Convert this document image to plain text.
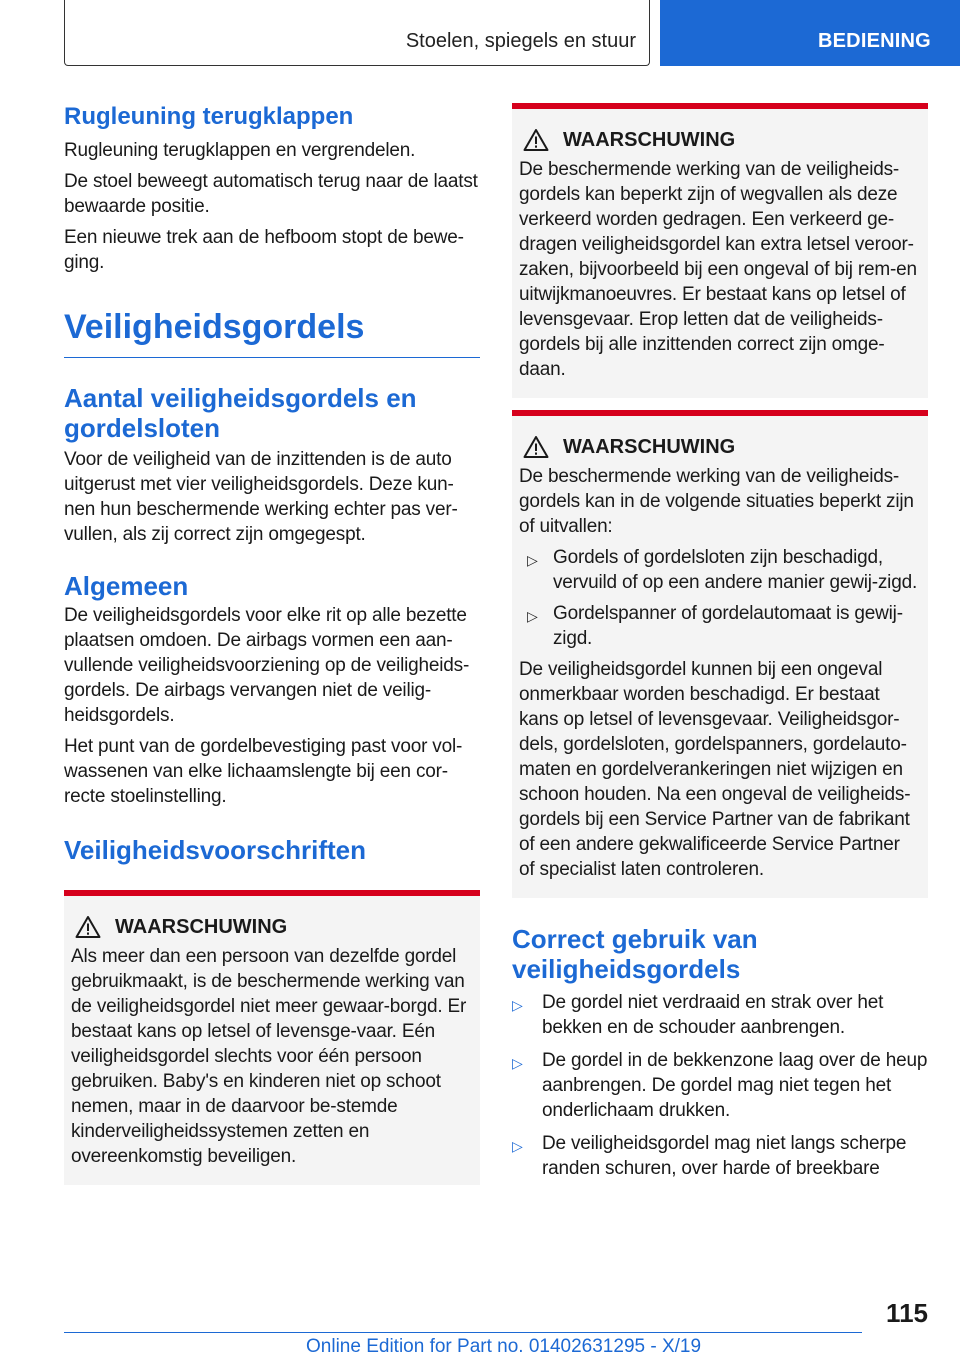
Stoelen, spiegels en stuur	BEDIENING
Rugleuning terugklappen

Rugleuning terugklappen en vergrendelen.

De stoel beweegt automatisch terug naar de laatst bewaarde positie.

Een nieuwe trek aan de hefboom stopt de bewe-ging.

Veiligheidsgordels
Aantal veiligheidsgordels en gordelsloten

Voor de veiligheid van de inzittenden is de auto uitgerust met vier veiligheidsgordels. Deze kun-nen hun beschermende werking echter pas ver-vullen, als zij correct zijn omgegespt.

Algemeen

De veiligheidsgordels voor elke rit op alle bezette plaatsen omdoen. De airbags vormen een aan-vullende veiligheidsvoorziening op de veiligheids-gordels. De airbags vervangen niet de veilig-heidsgordels.

Het punt van de gordelbevestiging past voor vol-wassenen van elke lichaamslengte bij een cor-recte stoelinstelling.

Veiligheidsvoorschriften
WAARSCHUWING

Als meer dan een persoon van dezelfde gordel gebruikmaakt, is de beschermende werking van de veiligheidsgordel niet meer gewaar-borgd. Er bestaat kans op letsel of levensge-vaar. Eén veiligheidsgordel slechts voor één persoon gebruiken. Baby's en kinderen niet op schoot nemen, maar in de daarvoor be-stemde kinderveiligheidssystemen zetten en overeenkomstig beveiligen.

WAARSCHUWING

De beschermende werking van de veiligheids-gordels kan beperkt zijn of wegvallen als deze verkeerd worden gedragen. Een verkeerd ge-dragen veiligheidsgordel kan extra letsel veroor-zaken, bijvoorbeeld bij een ongeval of bij rem-en uitwijkmanoeuvres. Er bestaat kans op letsel of levensgevaar. Erop letten dat de veiligheids-gordels bij alle inzittenden correct zijn omge-daan.

WAARSCHUWING

De beschermende werking van de veiligheids-gordels kan in de volgende situaties beperkt zijn of uitvallen:

▷ Gordels of gordelsloten zijn beschadigd, vervuild of op een andere manier gewij-zigd.
▷ Gordelspanner of gordelautomaat is gewij-zigd.

De veiligheidsgordel kunnen bij een ongeval onmerkbaar worden beschadigd. Er bestaat kans op letsel of levensgevaar. Veiligheidsgor-dels, gordelsloten, gordelspanners, gordelauto-maten en gordelverankeringen niet wijzigen en schoon houden. Na een ongeval de veiligheids-gordels bij een Service Partner van de fabrikant of een andere gekwalificeerde Service Partner of specialist laten controleren.

Correct gebruik van veiligheidsgordels
▷	De gordel niet verdraaid en strak over het bekken en de schouder aanbrengen.
▷	De gordel in de bekkenzone laag over de heup aanbrengen. De gordel mag niet tegen het onderlichaam drukken.
▷	De veiligheidsgordel mag niet langs scherpe randen schuren, over harde of breekbare
115
Online Edition for Part no. 01402631295 - X/19
